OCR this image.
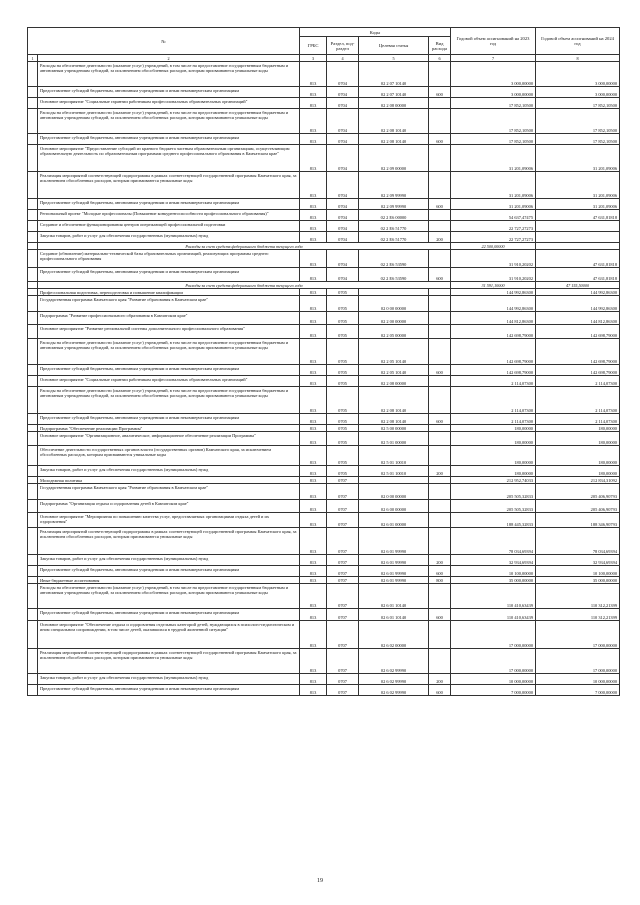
№		Коды				Годовой объем ассигнований на 2023 год	Годовой объем ассигнований на 2024 год
		ГРБС	Раздел, под-раздел	Целевая статья	Вид расхода		
1	2	3	4	5	6	7	8
	Расходы на обеспечение деятельности (оказание услуг) учреждений, в том числе на предоставление государственным бюджетным и автономным учреждениям субсидий, за исключением обособленных расходов, которым присваиваются уникальные коды	813	0704	02 2 07 10140		3 000,00000	3 000,00000
	Предоставление субсидий бюджетным, автономным учреждениям и иным некоммерческим организациям	813	0704	02 2 07 10140	600	3 000,00000	3 000,00000
	Основное мероприятие "Социальные гарантии работникам профессиональных образовательных организаций"	813	0704	02 2 08 00000		17 852,10500	17 852,10500
	Расходы на обеспечение деятельности (оказание услуг) учреждений, в том числе на предоставление государственным бюджетным и автономным учреждениям субсидий, за исключением обособленных расходов, которым присваиваются уникальные коды	813	0704	02 2 08 10140		17 852,10500	17 852,10500
	Предоставление субсидий бюджетным, автономным учреждениям и иным некоммерческим организациям	813	0704	02 2 08 10140	600	17 852,10500	17 852,10500
	Основное мероприятие "Предоставление субсидий из краевого бюджета частным образовательным организациям, осуществляющим образовательную деятельность по образовательным программам среднего профессионального образования в Камчатском крае"	813	0704	02 2 09 00000		31 201,09006	31 201,09006
	Реализация мероприятий соответствующей подпрограммы в рамках соответствующей государственной программы Камчатского края, за исключением обособленных расходов, которым присваиваются уникальные коды	813	0704	02 2 09 99990		31 201,09006	31 201,09006
	Предоставление субсидий бюджетным, автономным учреждениям и иным некоммерческим организациям	813	0704	02 2 09 99990	600	31 201,09006	31 201,09006
	Региональный проект "Молодые профессионалы (Повышение конкурентоспособности профессионального образования)"	813	0704	02 2 E6 00000		54 637,47475	47 631,81818
	Создание и обеспечение функционирования центров опережающей профессиональной подготовки	813	0704	02 2 E6 51770		22 727,27273	
	Закупка товаров, работ и услуг для обеспечения государственных (муниципальных) нужд	813	0704	02 2 E6 51770	200	22 727,27273	
	Расходы за счет средств федерального бюджета текущего года					22 500,00000	
	Создание (обновление) материально-технической базы образовательных организаций, реализующих программы среднего профессионального образования	813	0704	02 2 E6 53590		31 910,20202	47 631,81818
	Предоставление субсидий бюджетным, автономным учреждениям и иным некоммерческим организациям	813	0704	02 2 E6 53590	600	31 910,20202	47 631,81818
	Расходы за счет средств федерального бюджета текущего года					31 591,10000	47 155,50000
	Профессиональная подготовка, переподготовка и повышение квалификации	813	0705			144 992,86300	144 992,86300
	Государственная программа Камчатского края "Развитие образования в Камчатском крае"	813	0705	02 0 00 00000		144 992,86300	144 992,86300
	Подпрограмма "Развитие профессионального образования в Камчатском крае"	813	0705	02 2 00 00000		144 812,86300	144 812,86300
	Основное мероприятие "Развитие региональной системы дополнительного профессионального образования"	813	0705	02 2 05 00000		142 698,79000	142 698,79000
	Расходы на обеспечение деятельности (оказание услуг) учреждений, в том числе на предоставление государственным бюджетным и автономным учреждениям субсидий, за исключением обособленных расходов, которым присваиваются уникальные коды	813	0705	02 2 05 10140		142 698,79000	142 698,79000
	Предоставление субсидий бюджетным, автономным учреждениям и иным некоммерческим организациям	813	0705	02 2 05 10140	600	142 698,79000	142 698,79000
	Основное мероприятие "Социальные гарантии работникам профессиональных образовательных организаций"	813	0705	02 2 08 00000		2 114,07300	2 114,07300
	Расходы на обеспечение деятельности (оказание услуг) учреждений, в том числе на предоставление государственным бюджетным и автономным учреждениям субсидий, за исключением обособленных расходов, которым присваиваются уникальные коды	813	0705	02 2 08 10140		2 114,07300	2 114,07300
	Предоставление субсидий бюджетным, автономным учреждениям и иным некоммерческим организациям	813	0705	02 2 08 10140	600	2 114,07300	2 114,07300
	Подпрограмма "Обеспечение реализации Программы"	813	0705	02 5 00 00000		180,00000	180,00000
	Основное мероприятие "Организационное, аналитическое, информационное обеспечение реализации Программы"	813	0705	02 5 01 00000		180,00000	180,00000
	Обеспечение деятельности государственных органов власти (государственных органов) Камчатского края, за исключением обособленных расходов, которым присваиваются уникальные коды	813	0705	02 5 01 10010		180,00000	180,00000
	Закупка товаров, работ и услуг для обеспечения государственных (муниципальных) нужд	813	0705	02 5 01 10010	200	180,00000	180,00000
	Молодежная политика	813	0707			212 952,74033	212 834,31092
	Государственная программа Камчатского края "Развитие образования в Камчатском крае"	813	0707	02 0 00 00000		205 505,32833	205 406,90793
	Подпрограмма "Организация отдыха и оздоровления детей в Камчатском крае"	813	0707	02 6 00 00000		205 505,32833	205 406,90793
	Основное мероприятие "Мероприятия по повышению качества услуг, предоставляемых организациями отдыха детей и их оздоровления"	813	0707	02 6 01 00000		188 445,32833	188 346,90793
	Реализация мероприятий соответствующей подпрограммы в рамках соответствующей государственной программы Камчатского края, за исключением обособленных расходов, которым присваиваются уникальные коды	813	0707	02 6 01 99990		78 034,69394	78 034,69394
	Закупка товаров, работ и услуг для обеспечения государственных (муниципальных) нужд	813	0707	02 6 01 99990	200	32 934,69394	32 934,69394
	Предоставление субсидий бюджетным, автономным учреждениям и иным некоммерческим организациям	813	0707	02 6 01 99990	600	10 100,00000	10 100,00000
	Иные бюджетные ассигнования	813	0707	02 6 01 99990	800	35 000,00000	35 000,00000
	Расходы на обеспечение деятельности (оказание услуг) учреждений, в том числе на предоставление государственным бюджетным и автономным учреждениям субсидий, за исключением обособленных расходов, которым присваиваются уникальные коды	813	0707	02 6 01 10140		110 410,63439	110 312,21399
	Предоставление субсидий бюджетным, автономным учреждениям и иным некоммерческим организациям	813	0707	02 6 01 10140	600	110 410,63439	110 312,21399
	Основное мероприятие "Обеспечение отдыха и оздоровления отдельных категорий детей, нуждающихся в психолого-педагогическом и ином специальном сопровождении, в том числе детей, оказавшихся в трудной жизненной ситуации"	813	0707	02 6 02 00000		17 000,00000	17 000,00000
	Реализация мероприятий соответствующей подпрограммы в рамках соответствующей государственной программы Камчатского края, за исключением обособленных расходов, которым присваиваются уникальные коды	813	0707	02 6 02 99990		17 000,00000	17 000,00000
	Закупка товаров, работ и услуг для обеспечения государственных (муниципальных) нужд	813	0707	02 6 02 99990	200	10 000,00000	10 000,00000
	Предоставление субсидий бюджетным, автономным учреждениям и иным некоммерческим организациям	813	0707	02 6 02 99990	600	7 000,00000	7 000,00000
19
